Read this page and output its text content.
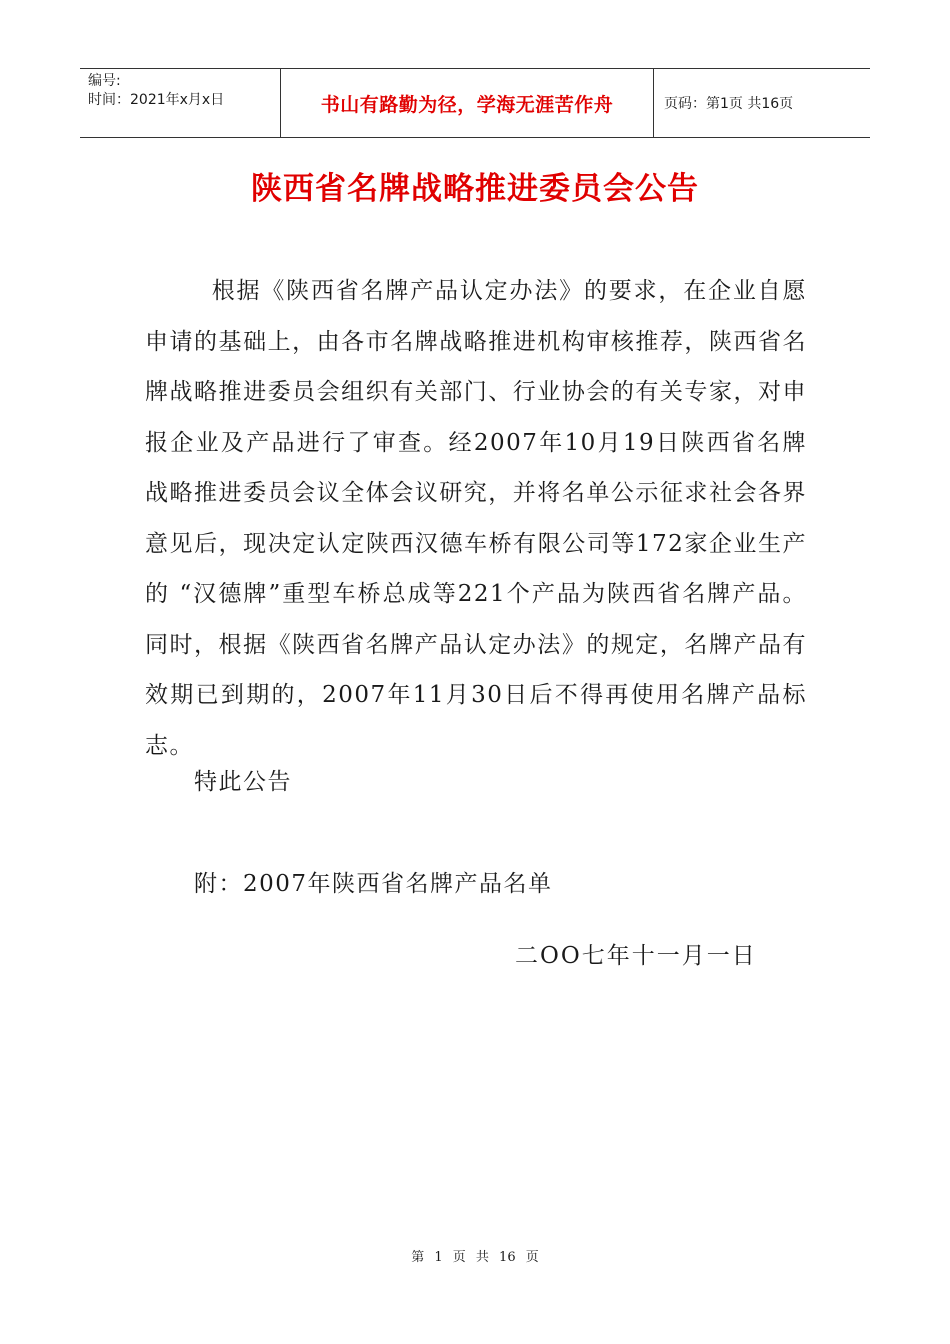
编号:
时间：2021年x月x日	书山有路勤为径，学海无涯苦作舟	页码：第1页 共16页
陕西省名牌战略推进委员会公告

根据《陕西省名牌产品认定办法》的要求，在企业自愿申请的基础上，由各市名牌战略推进机构审核推荐，陕西省名牌战略推进委员会组织有关部门、行业协会的有关专家，对申报企业及产品进行了审查。经2007年10月19日陕西省名牌战略推进委员会议全体会议研究，并将名单公示征求社会各界意见后，现决定认定陕西汉德车桥有限公司等172家企业生产的 “汉德牌”重型车桥总成等221个产品为陕西省名牌产品。同时，根据《陕西省名牌产品认定办法》的规定，名牌产品有效期已到期的，2007年11月30日后不得再使用名牌产品标志。

特此公告
附：2007年陕西省名牌产品名单
二OO七年十一月一日
第 1 页 共 16 页
